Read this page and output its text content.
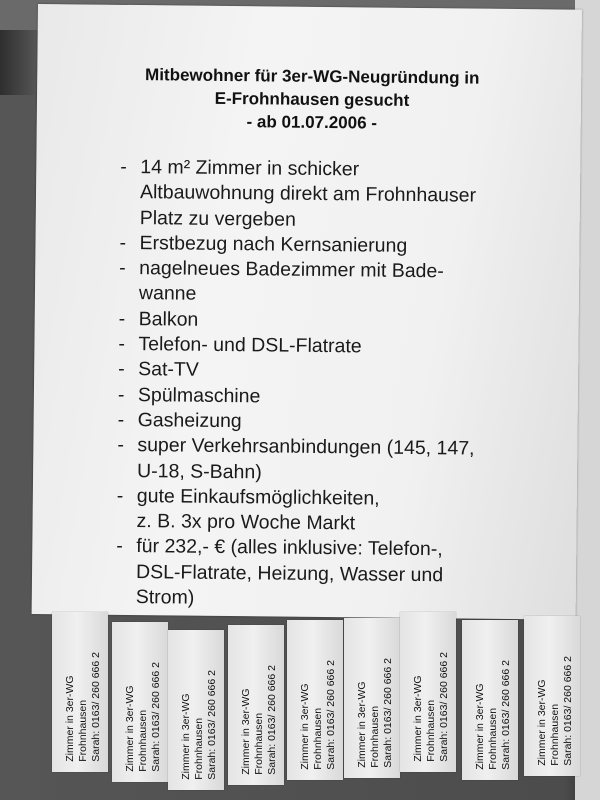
Mitbewohner für 3er-WG-Neugründung in
E-Frohnhausen gesucht
- ab 01.07.2006 -
- 14 m² Zimmer in schicker
Altbauwohnung direkt am Frohnhauser
Platz zu vergeben
- Erstbezug nach Kernsanierung
- nagelneues Badezimmer mit Bade-
wanne
- Balkon
- Telefon- und DSL-Flatrate
- Sat-TV
- Spülmaschine
- Gasheizung
- super Verkehrsanbindungen (145, 147,
U-18, S-Bahn)
- gute Einkaufsmöglichkeiten,
z. B. 3x pro Woche Markt
- für 232,- € (alles inklusive: Telefon-,
DSL-Flatrate, Heizung, Wasser und
Strom)
Zimmer in 3er-WG Frohnhausen Sarah: 0163/ 260 666 2 Zimmer in 3er-WG Frohnhausen Sarah: 0163/ 260 666 2 Zimmer in 3er-WG Frohnhausen Sarah: 0163/ 260 666 2 Zimmer in 3er-WG Frohnhausen Sarah: 0163/ 260 666 2 Zimmer in 3er-WG Frohnhausen Sarah: 0163/ 260 666 2 Zimmer in 3er-WG Frohnhausen Sarah: 0163/ 260 666 2 Zimmer in 3er-WG Frohnhausen Sarah: 0163/ 260 666 2 Zimmer in 3er-WG Frohnhausen Sarah: 0163/ 260 666 2 Zimmer in 3er-WG Frohnhausen Sarah: 0163/ 260 666 2
